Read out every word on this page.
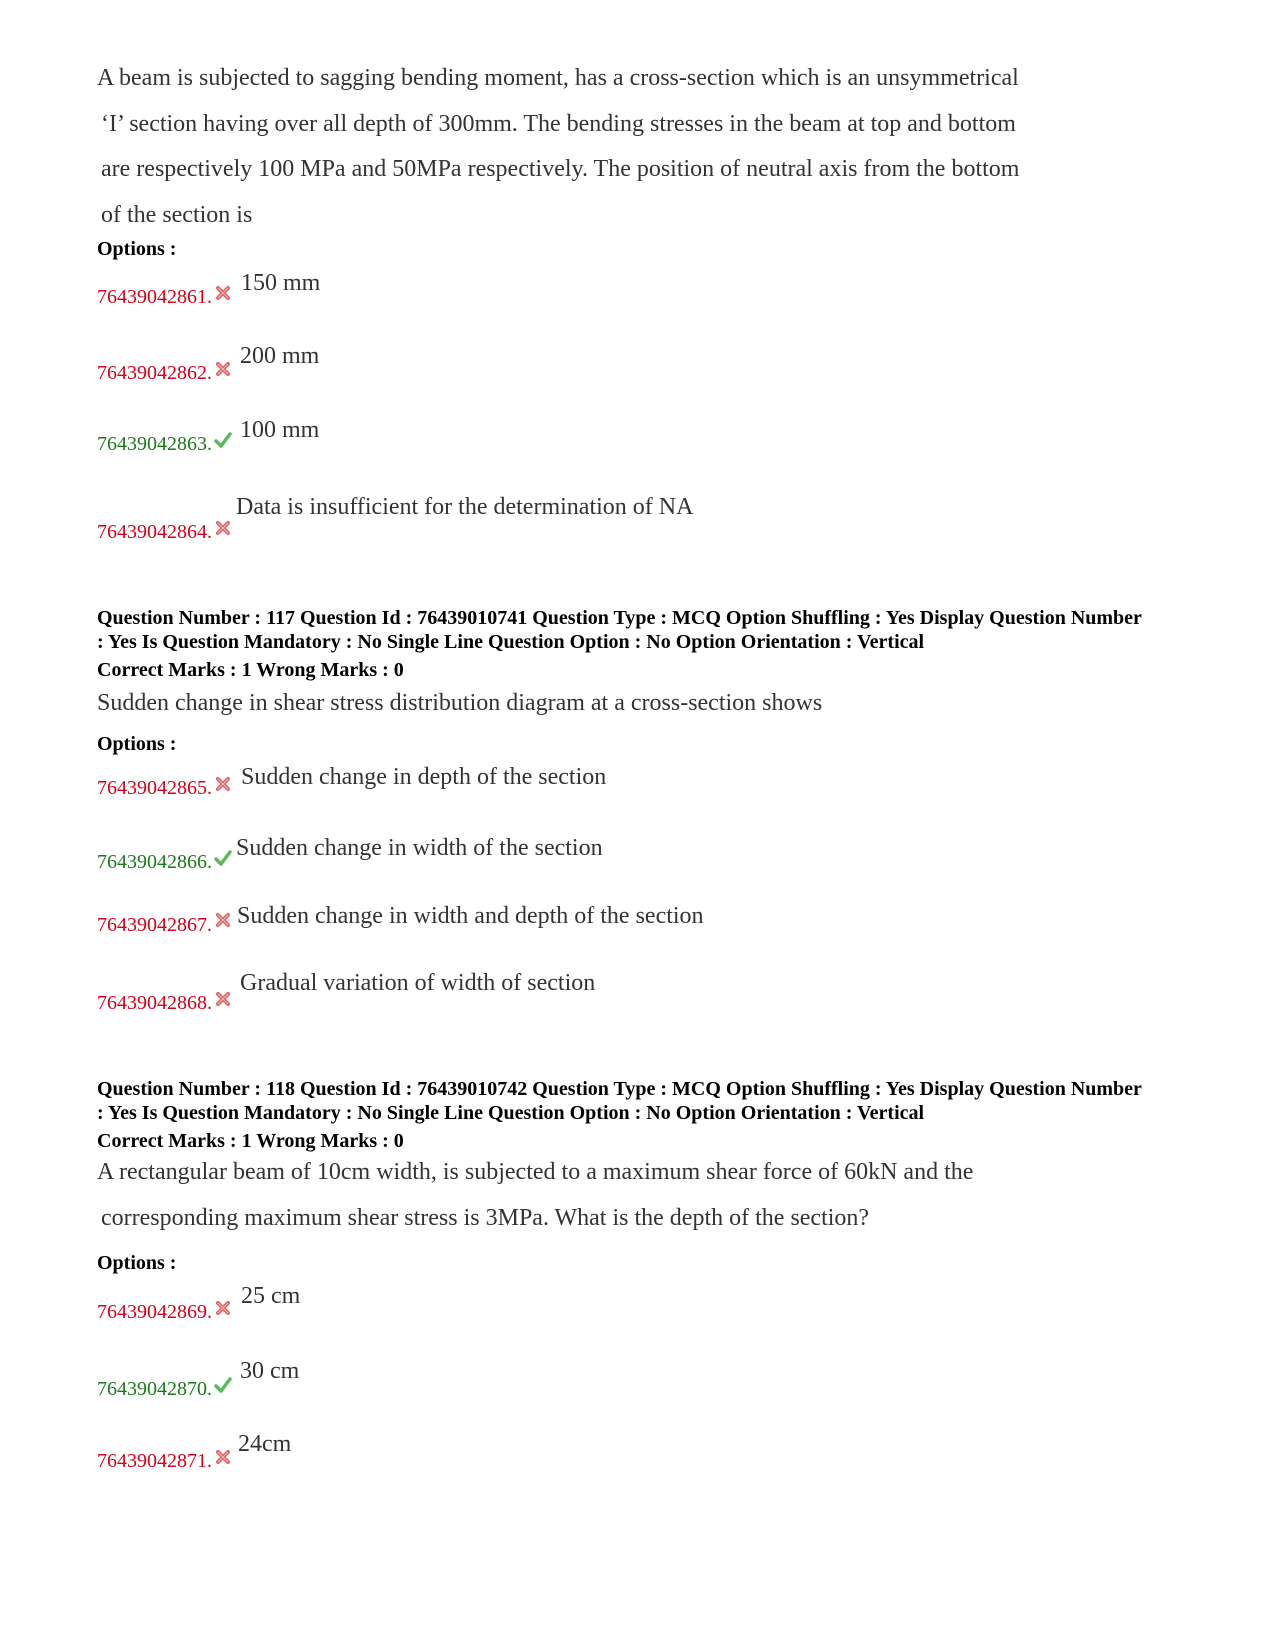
A beam is subjected to sagging bending moment, has a cross-section which is an unsymmetrical

‘I’ section having over all depth of 300mm. The bending stresses in the beam at top and bottom

are respectively 100 MPa and 50MPa respectively. The position of neutral axis from the bottom

of the section is

Options :
76439042861.
150 mm
76439042862.
200 mm
76439042863.
100 mm
76439042864.
Data is insufficient for the determination of NA
Question Number : 117 Question Id : 76439010741 Question Type : MCQ Option Shuffling : Yes Display Question Number
: Yes Is Question Mandatory : No Single Line Question Option : No Option Orientation : Vertical
Correct Marks : 1 Wrong Marks : 0
Sudden change in shear stress distribution diagram at a cross-section shows
Options :
76439042865. Sudden change in depth of the section
76439042866.
Sudden change in width of the section
76439042867. Sudden change in width and depth of the section
76439042868.
Gradual variation of width of section
Question Number : 118 Question Id : 76439010742 Question Type : MCQ Option Shuffling : Yes Display Question Number
: Yes Is Question Mandatory : No Single Line Question Option : No Option Orientation : Vertical
Correct Marks : 1 Wrong Marks : 0

A rectangular beam of 10cm width, is subjected to a maximum shear force of 60kN and the

corresponding maximum shear stress is 3MPa. What is the depth of the section?

Options :
76439042869.
25 cm
76439042870.
30 cm
76439042871.
24cm
